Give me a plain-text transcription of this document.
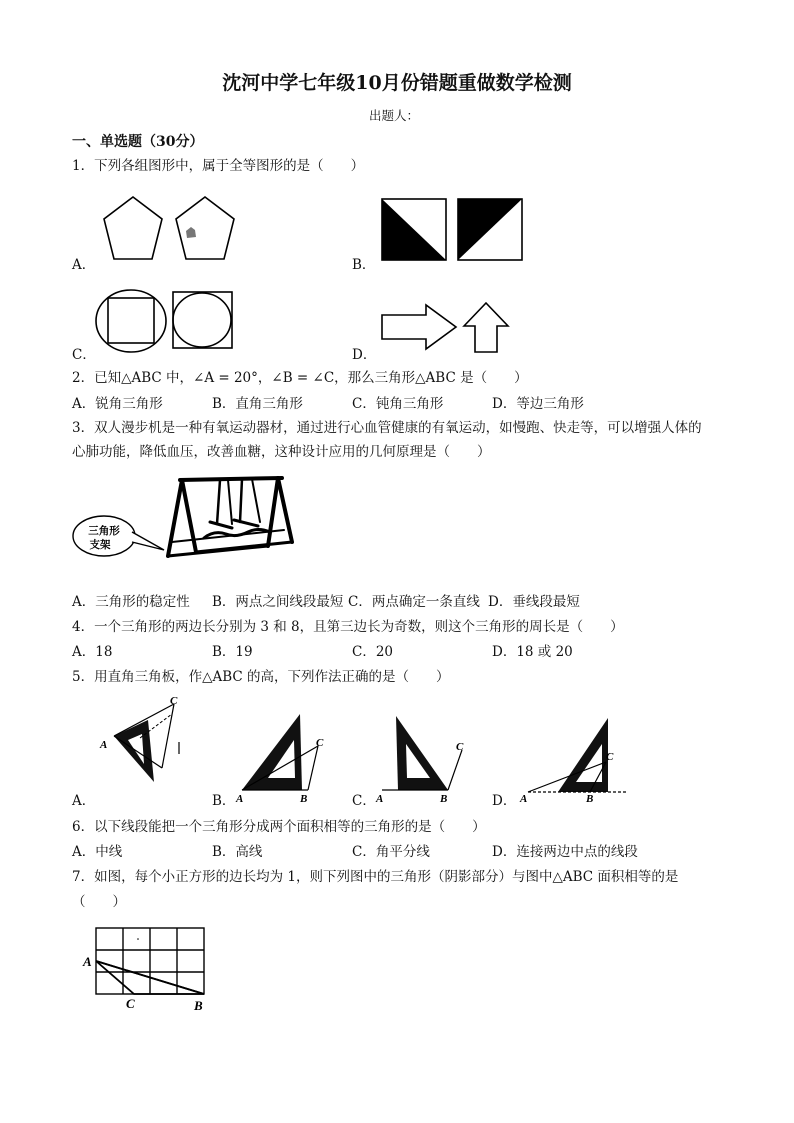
沈河中学七年级10月份错题重做数学检测
出题人：
一、单选题（30分）
1．下列各组图形中，属于全等图形的是（　　）
A．	B．
C．	D．
2．已知△ABC 中，∠A = 20°，∠B = ∠C，那么三角形△ABC 是（　　）
A．锐角三角形	B．直角三角形	C．钝角三角形	D．等边三角形
3．双人漫步机是一种有氧运动器材，通过进行心血管健康的有氧运动，如慢跑、快走等，可以增强人体的
心肺功能，降低血压，改善血糖，这种设计应用的几何原理是（　　）
三角形
支架
A．三角形的稳定性 B．两点之间线段最短 C．两点确定一条直线 D．垂线段最短
4．一个三角形的两边长分别为 3 和 8，且第三边长为奇数，则这个三角形的周长是（　　）
A．18	B．19	C．20	D．18 或 20
5．用直角三角板，作△ABC 的高，下列作法正确的是（　　）
A
C
A．	A	B
C
B．	A	B
C
C．	A	B
C
D．
6．以下线段能把一个三角形分成两个面积相等的三角形的是（　　）
A．中线	B．高线	C．角平分线	D．连接两边中点的线段
7．如图，每个小正方形的边长均为 1，则下列图中的三角形（阴影部分）与图中△ABC 面积相等的是
（　　）
A
C	B
